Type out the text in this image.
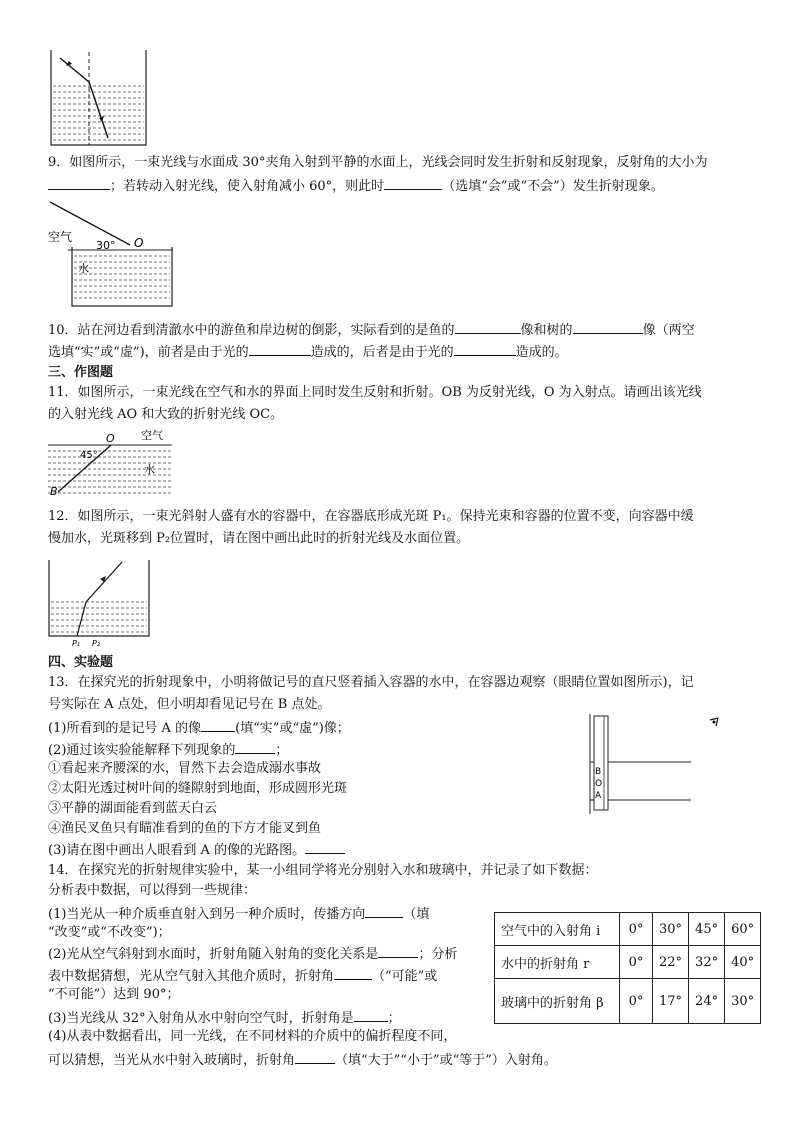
9．如图所示，一束光线与水面成 30°夹角入射到平静的水面上，光线会同时发生折射和反射现象，反射角的大小为
；若转动入射光线，使入射角减小 60°，则此时	（选填“会”或“不会”）发生折射现象。
空气
30° O
水
10．站在河边看到清澈水中的游鱼和岸边树的倒影，实际看到的是鱼的	像和树的	像（两空
选填“实”或“虚”)，前者是由于光的	造成的，后者是由于光的	造成的。
三、作图题
11．如图所示，一束光线在空气和水的界面上同时发生反射和折射。OB 为反射光线，O 为入射点。请画出该光线
的入射光线 AO 和大致的折射光线 OC。
空气
O
45°
水
B
12．如图所示，一束光斜射人盛有水的容器中，在容器底形成光斑 P₁。保持光束和容器的位置不变，向容器中缓
慢加水，光斑移到 P₂位置时，请在图中画出此时的折射光线及水面位置。
P₁ P₂
四、实验题
13．在探究光的折射现象中，小明将做记号的直尺竖着插入容器的水中，在容器边观察（眼睛位置如图所示)，记
号实际在 A 点处，但小明却看见记号在 B 点处。
(1)所看到的是记号 A 的像	(填“实”或“虚”)像；
(2)通过该实验能解释下列现象的	；
①看起来齐腰深的水，冒然下去会造成溺水事故
②太阳光透过树叶间的缝隙射到地面，形成圆形光斑
③平静的湖面能看到蓝天白云
④渔民叉鱼只有瞄准看到的鱼的下方才能叉到鱼
(3)请在图中画出人眼看到 A 的像的光路图。
B
O
A
14．在探究光的折射规律实验中，某一小组同学将光分别射入水和玻璃中，并记录了如下数据：
分析表中数据，可以得到一些规律：
(1)当光从一种介质垂直射入到另一种介质时，传播方向	（填
“改变”或“不改变”)；
(2)光从空气斜射到水面时，折射角随入射角的变化关系是	；分析
表中数据猜想，光从空气射入其他介质时，折射角	（“可能”或
“不可能”）达到 90°；
(3)当光线从 32°入射角从水中射向空气时，折射角是	；
(4)从表中数据看出，同一光线，在不同材料的介质中的偏折程度不同，
可以猜想，当光从水中射入玻璃时，折射角	（填“大于”“小于”或“等于”）入射角。
空气中的入射角 i	0°	30°	45°	60°
水中的折射角 r	0°	22°	32°	40°
玻璃中的折射角 β	0°	17°	24°	30°
